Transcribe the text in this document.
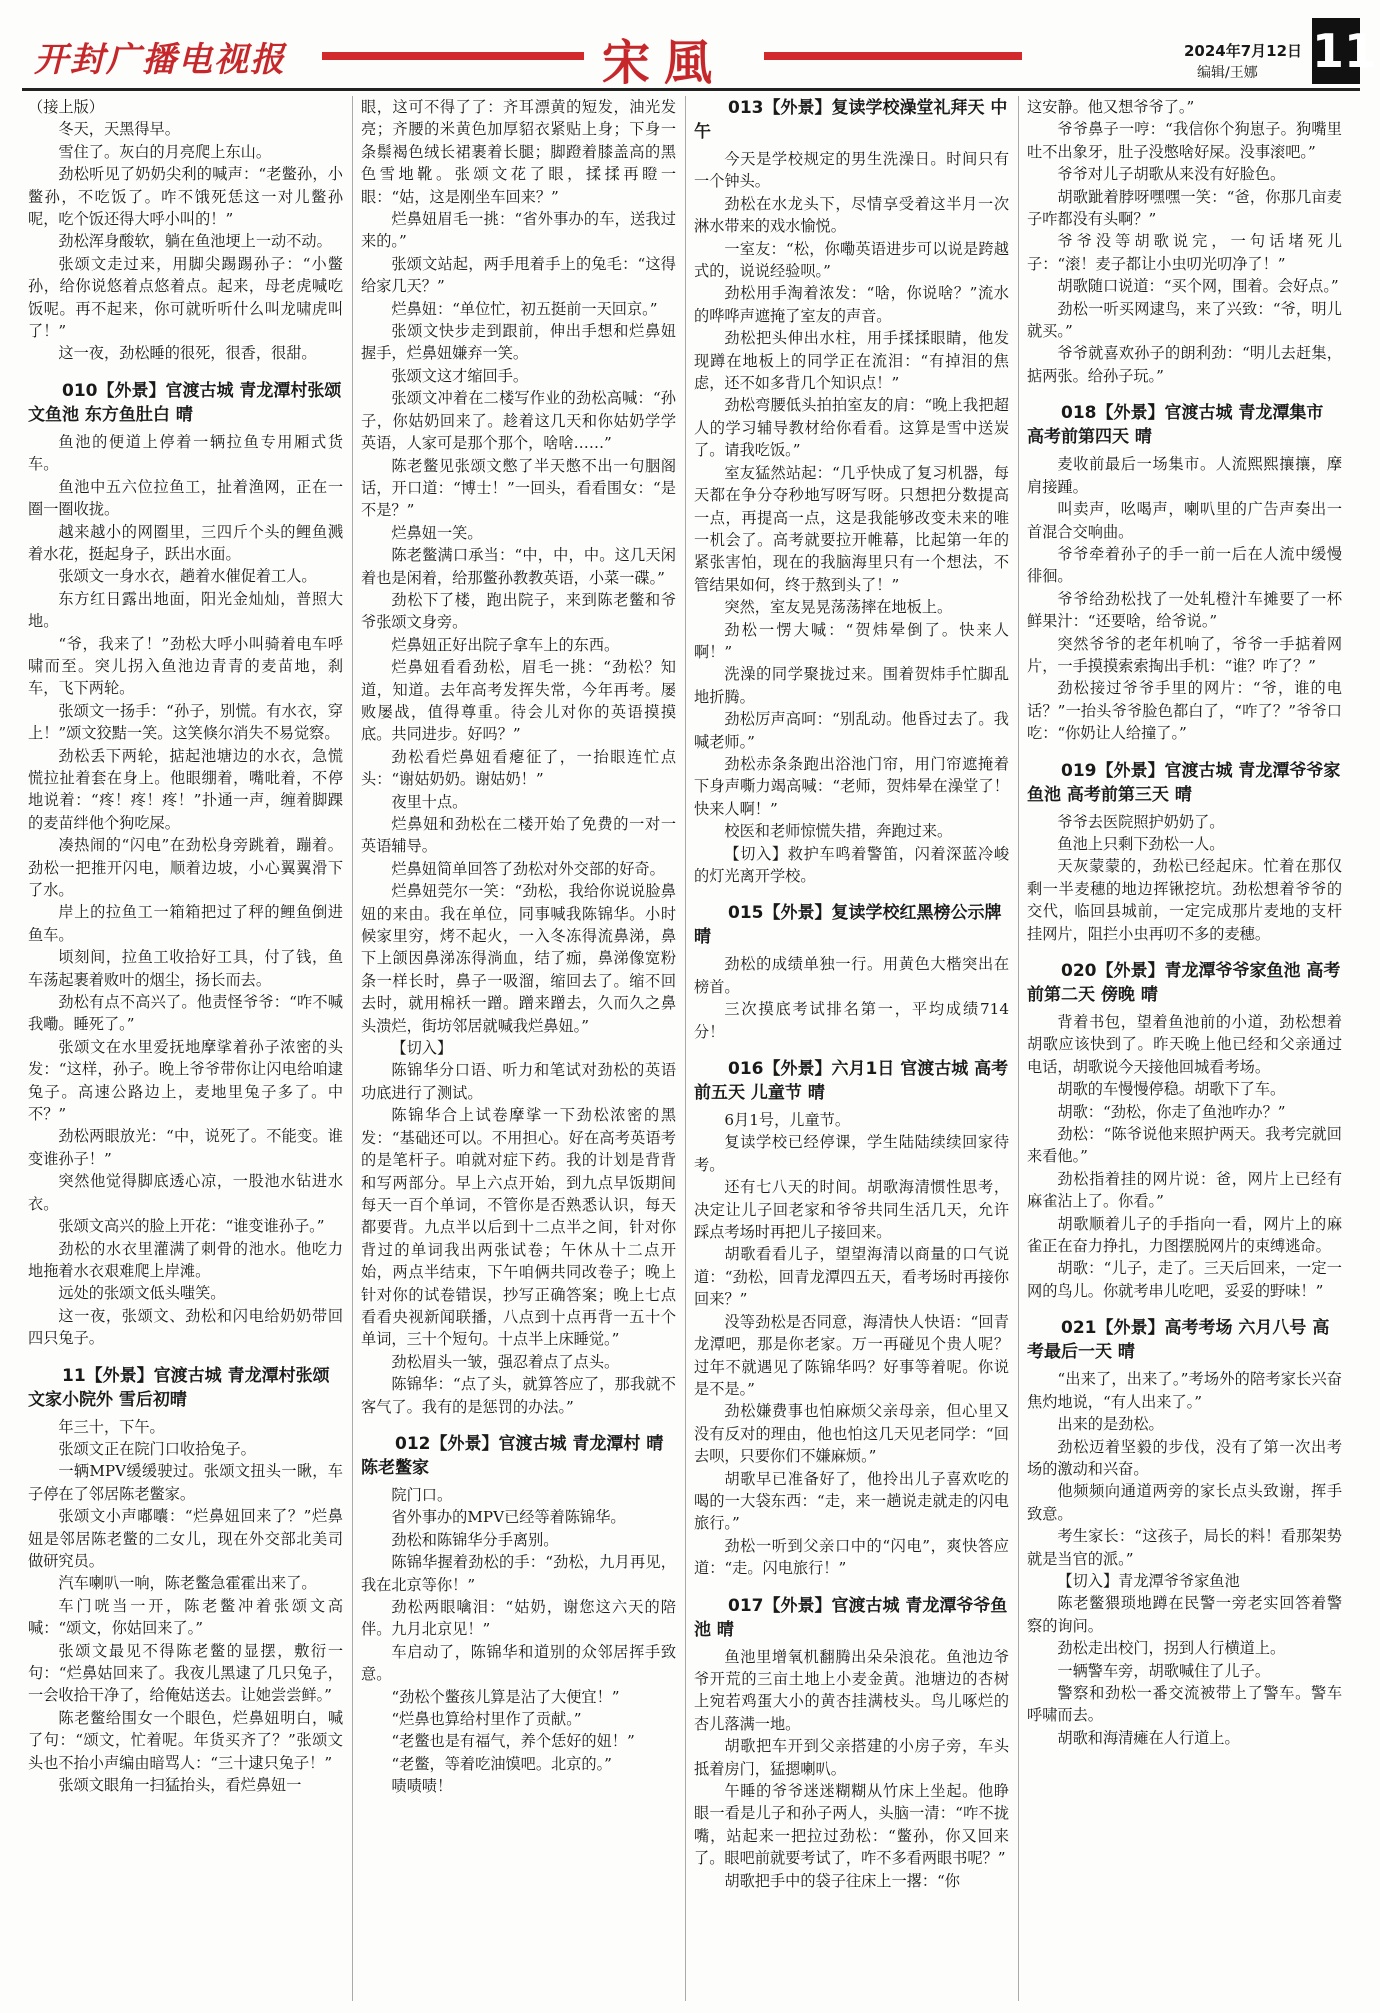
开封广播电视报	宋風	2024年7月12日
编辑/王娜 11

（接上版）

冬天，天黑得早。

雪住了。灰白的月亮爬上东山。

劲松听见了奶奶尖利的喊声：“老鳖孙，小鳖孙，不吃饭了。咋不饿死恁这一对儿鳖孙呢，吃个饭还得大呼小叫的！”

劲松浑身酸软，躺在鱼池埂上一动不动。

张颂文走过来，用脚尖踢踢孙子：“小鳖孙，给你说悠着点悠着点。起来，母老虎喊吃饭呢。再不起来，你可就听听什么叫龙啸虎叫了！”

这一夜，劲松睡的很死，很香，很甜。

010【外景】官渡古城 青龙潭村张颂文鱼池 东方鱼肚白 晴

鱼池的便道上停着一辆拉鱼专用厢式货车。

鱼池中五六位拉鱼工，扯着渔网，正在一圈一圈收拢。

越来越小的网圈里，三四斤个头的鲤鱼溅着水花，挺起身子，跃出水面。

张颂文一身水衣，趟着水催促着工人。

东方红日露出地面，阳光金灿灿，普照大地。

“爷，我来了！”劲松大呼小叫骑着电车呼啸而至。突儿拐入鱼池边青青的麦苗地，刹车，飞下两轮。

张颂文一扬手：“孙子，别慌。有水衣，穿上！”颂文狡黠一笑。这笑倏尔消失不易觉察。

劲松丢下两轮，掂起池塘边的水衣，急慌慌拉扯着套在身上。他眼绷着，嘴吡着，不停地说着：“疼！疼！疼！”扑通一声，缠着脚踝的麦苗绊他个狗吃屎。

凑热闹的“闪电”在劲松身旁跳着，蹦着。劲松一把推开闪电，顺着边坡，小心翼翼滑下了水。

岸上的拉鱼工一箱箱把过了秤的鲤鱼倒进鱼车。

顷刻间，拉鱼工收拾好工具，付了钱，鱼车荡起裹着败叶的烟尘，扬长而去。

劲松有点不高兴了。他责怪爷爷：“咋不喊我嘞。睡死了。”

张颂文在水里爱抚地摩挲着孙子浓密的头发：“这样，孙子。晚上爷爷带你让闪电给咱逮兔子。高速公路边上，麦地里兔子多了。中不？”

劲松两眼放光：“中，说死了。不能变。谁变谁孙子！”

突然他觉得脚底透心凉，一股池水钻进水衣。

张颂文高兴的脸上开花：“谁变谁孙子。”

劲松的水衣里灌满了刺骨的池水。他吃力地拖着水衣艰难爬上岸滩。

远处的张颂文低头嗤笑。

这一夜，张颂文、劲松和闪电给奶奶带回四只兔子。

11【外景】官渡古城 青龙潭村张颂文家小院外 雪后初晴

年三十，下午。

张颂文正在院门口收拾兔子。

一辆MPV缓缓驶过。张颂文扭头一瞅，车子停在了邻居陈老鳖家。

张颂文小声嘟囔：“烂鼻妞回来了？”烂鼻妞是邻居陈老鳖的二女儿，现在外交部北美司做研究员。

汽车喇叭一响，陈老鳖急霍霍出来了。

车门咣当一开，陈老鳖冲着张颂文高喊：“颂文，你姑回来了。”

张颂文最见不得陈老鳖的显摆，敷衍一句：“烂鼻姑回来了。我夜儿黑逮了几只兔子，一会收拾干净了，给俺姑送去。让她尝尝鲜。”

陈老鳖给围女一个眼色，烂鼻妞明白，喊了句：“颂文，忙着呢。年货买齐了？”张颂文头也不抬小声编由暗骂人：“三十逮只兔子！”

张颂文眼角一扫猛抬头，看烂鼻妞一

眼，这可不得了了：齐耳漂黄的短发，油光发亮；齐腰的米黄色加厚貂衣紧贴上身；下身一条鬃褐色绒长裙裹着长腿；脚蹬着膝盖高的黑色雪地靴。张颂文花了眼，揉揉再瞪一眼：“姑，这是刚坐车回来？”

烂鼻妞眉毛一挑：“省外事办的车，送我过来的。”

张颂文站起，两手甩着手上的兔毛：“这得给家几天？”

烂鼻妞：“单位忙，初五挺前一天回京。”

张颂文快步走到跟前，伸出手想和烂鼻妞握手，烂鼻妞嫌弃一笑。

张颂文这才缩回手。

张颂文冲着在二楼写作业的劲松高喊：“孙子，你姑奶回来了。趁着这几天和你姑奶学学英语，人家可是那个那个，啥啥……”

陈老鳖见张颂文憋了半天憋不出一句胭阁话，开口道：“博士！”一回头，看看围女：“是不是？”

烂鼻妞一笑。

陈老鳖满口承当：“中，中，中。这几天闲着也是闲着，给那鳖孙教教英语，小菜一碟。”

劲松下了楼，跑出院子，来到陈老鳖和爷爷张颂文身旁。

烂鼻妞正好出院子拿车上的东西。

烂鼻妞看看劲松，眉毛一挑：“劲松？知道，知道。去年高考发挥失常，今年再考。屡败屡战，值得尊重。待会儿对你的英语摸摸底。共同进步。好吗？”

劲松看烂鼻妞看瘪征了，一抬眼连忙点头：“谢姑奶奶。谢姑奶！”

夜里十点。

烂鼻妞和劲松在二楼开始了免费的一对一英语辅导。

烂鼻妞简单回答了劲松对外交部的好奇。

烂鼻妞莞尔一笑：“劲松，我给你说说脸鼻妞的来由。我在单位，同事喊我陈锦华。小时候家里穷，烤不起火，一入冬冻得流鼻涕，鼻下上颌因鼻涕冻得淌血，结了痂，鼻涕像宽粉条一样长时，鼻子一吸溜，缩回去了。缩不回去时，就用棉袄一蹭。蹭来蹭去，久而久之鼻头溃烂，街坊邻居就喊我烂鼻妞。”

【切入】

陈锦华分口语、听力和笔试对劲松的英语功底进行了测试。

陈锦华合上试卷摩挲一下劲松浓密的黑发：“基础还可以。不用担心。好在高考英语考的是笔杆子。咱就对症下药。我的计划是背背和写两部分。早上六点开始，到九点早饭期间每天一百个单词，不管你是否熟悉认识，每天都要背。九点半以后到十二点半之间，针对你背过的单词我出两张试卷；午休从十二点开始，两点半结束，下午咱俩共同改卷子；晚上针对你的试卷错误，抄写正确答案；晚上七点看看央视新闻联播，八点到十点再背一五十个单词，三十个短句。十点半上床睡觉。”

劲松眉头一皱，强忍着点了点头。

陈锦华：“点了头，就算答应了，那我就不客气了。我有的是惩罚的办法。”

012【外景】官渡古城 青龙潭村 晴 陈老鳖家

院门口。

省外事办的MPV已经等着陈锦华。

劲松和陈锦华分手离别。

陈锦华握着劲松的手：“劲松，九月再见，我在北京等你！”

劲松两眼噙泪：“姑奶，谢您这六天的陪伴。九月北京见！”

车启动了，陈锦华和道别的众邻居挥手致意。

“劲松个鳖孩儿算是沾了大便宜！”

“烂鼻也算给村里作了贡献。”

“老鳖也是有福气，养个恁好的妞！”

“老鳖，等着吃油馍吧。北京的。”

啧啧啧！

013【外景】复读学校澡堂礼拜天 中午

今天是学校规定的男生洗澡日。时间只有一个钟头。

劲松在水龙头下，尽情享受着这半月一次淋水带来的戏水愉悦。

一室友：“松，你嘞英语进步可以说是跨越式的，说说经验呗。”

劲松用手淘着浓发：“啥，你说啥？”流水的哗哗声遮掩了室友的声音。

劲松把头伸出水柱，用手揉揉眼睛，他发现蹲在地板上的同学正在流泪：“有掉泪的焦虑，还不如多背几个知识点！”

劲松弯腰低头拍拍室友的肩：“晚上我把超人的学习辅导教材给你看看。这算是雪中送炭了。请我吃饭。”

室友猛然站起：“几乎快成了复习机器，每天都在争分夺秒地写呀写呀。只想把分数提高一点，再提高一点，这是我能够改变未来的唯一机会了。高考就要拉开帷幕，比起第一年的紧张害怕，现在的我脑海里只有一个想法，不管结果如何，终于熬到头了！”

突然，室友晃晃荡荡摔在地板上。

劲松一愣大喊：“贺炜晕倒了。快来人啊！”

洗澡的同学聚拢过来。围着贺炜手忙脚乱地折腾。

劲松厉声高呵：“别乱动。他昏过去了。我喊老师。”

劲松赤条条跑出浴池门帘，用门帘遮掩着下身声嘶力竭高喊：“老师，贺炜晕在澡堂了！快来人啊！”

校医和老师惊慌失措，奔跑过来。

【切入】救护车鸣着警笛，闪着深蓝冷峻的灯光离开学校。

015【外景】复读学校红黑榜公示牌 晴

劲松的成绩单独一行。用黄色大楷突出在榜首。

三次摸底考试排名第一，平均成绩714分！

016【外景】六月1日 官渡古城 高考前五天 儿童节 晴

6月1号，儿童节。

复读学校已经停课，学生陆陆续续回家待考。

还有七八天的时间。胡歌海清惯性思考，决定让儿子回老家和爷爷共同生活几天，允许踩点考场时再把儿子接回来。

胡歌看看儿子，望望海清以商量的口气说道：“劲松，回青龙潭四五天，看考场时再接你回来？”

没等劲松是否同意，海清快人快语：“回青龙潭吧，那是你老家。万一再碰见个贵人呢？过年不就遇见了陈锦华吗？好事等着呢。你说是不是。”

劲松嫌费事也怕麻烦父亲母亲，但心里又没有反对的理由，他也怕这几天见老同学：“回去呗，只要你们不嫌麻烦。”

胡歌早已准备好了，他拎出儿子喜欢吃的喝的一大袋东西：“走，来一趟说走就走的闪电旅行。”

劲松一听到父亲口中的“闪电”，爽快答应道：“走。闪电旅行！”

017【外景】官渡古城 青龙潭爷爷鱼池 晴

鱼池里增氧机翻腾出朵朵浪花。鱼池边爷爷开荒的三亩土地上小麦金黄。池塘边的杏树上宛若鸡蛋大小的黄杏挂满枝头。鸟儿啄烂的杏儿落满一地。

胡歌把车开到父亲搭建的小房子旁，车头抵着房门，猛摁喇叭。

午睡的爷爷迷迷糊糊从竹床上坐起。他睁眼一看是儿子和孙子两人，头脑一清：“咋不拢嘴，站起来一把拉过劲松：“鳖孙，你又回来了。眼吧前就要考试了，咋不多看两眼书呢？”

胡歌把手中的袋子往床上一撂：“你

这安静。他又想爷爷了。”

爷爷鼻子一哼：“我信你个狗崽子。狗嘴里吐不出象牙，肚子没憋啥好屎。没事滚吧。”

爷爷对儿子胡歌从来没有好脸色。

胡歌跐着脖呀嘿嘿一笑：“爸，你那几亩麦子咋都没有头啊？”

爷爷没等胡歌说完，一句话堵死儿子：“滚！麦子都让小虫叨光叨净了！”

胡歌随口说道：“买个网，围着。会好点。”

劲松一听买网逮鸟，来了兴致：“爷，明儿就买。”

爷爷就喜欢孙子的朗利劲：“明儿去赶集，掂两张。给孙子玩。”

018【外景】官渡古城 青龙潭集市 高考前第四天 晴

麦收前最后一场集市。人流熙熙攘攘，摩肩接踵。

叫卖声，吆喝声，喇叭里的广告声奏出一首混合交响曲。

爷爷牵着孙子的手一前一后在人流中缓慢徘徊。

爷爷给劲松找了一处轧橙汁车摊要了一杯鲜果汁：“还要啥，给爷说。”

突然爷爷的老年机响了，爷爷一手掂着网片，一手摸摸索索掏出手机：“谁？咋了？”

劲松接过爷爷手里的网片：“爷，谁的电话？”一抬头爷爷脸色都白了，“咋了？”爷爷口吃：“你奶让人给撞了。”

019【外景】官渡古城 青龙潭爷爷家鱼池 高考前第三天 晴

爷爷去医院照护奶奶了。

鱼池上只剩下劲松一人。

天灰蒙蒙的，劲松已经起床。忙着在那仅剩一半麦穗的地边挥锹挖坑。劲松想着爷爷的交代，临回县城前，一定完成那片麦地的支杆挂网片，阻拦小虫再叨不多的麦穗。

020【外景】青龙潭爷爷家鱼池 高考前第二天 傍晚 晴

背着书包，望着鱼池前的小道，劲松想着胡歌应该快到了。昨天晚上他已经和父亲通过电话，胡歌说今天接他回城看考场。

胡歌的车慢慢停稳。胡歌下了车。

胡歌：“劲松，你走了鱼池咋办？”

劲松：“陈爷说他来照护两天。我考完就回来看他。”

劲松指着挂的网片说：爸，网片上已经有麻雀沾上了。你看。”

胡歌顺着儿子的手指向一看，网片上的麻雀正在奋力挣扎，力图摆脱网片的束缚逃命。

胡歌：“儿子，走了。三天后回来，一定一网的鸟儿。你就考串儿吃吧，妥妥的野味！”

021【外景】高考考场 六月八号 高考最后一天 晴

“出来了，出来了。”考场外的陪考家长兴奋焦灼地说，“有人出来了。”

出来的是劲松。

劲松迈着坚毅的步伐，没有了第一次出考场的激动和兴奋。

他频频向通道两旁的家长点头致谢，挥手致意。

考生家长：“这孩子，局长的料！看那架势就是当官的派。”

【切入】青龙潭爷爷家鱼池

陈老鳖猥琐地蹲在民警一旁老实回答着警察的询问。

劲松走出校门，拐到人行横道上。

一辆警车旁，胡歌喊住了儿子。

警察和劲松一番交流被带上了警车。警车呼啸而去。

胡歌和海清瘫在人行道上。
